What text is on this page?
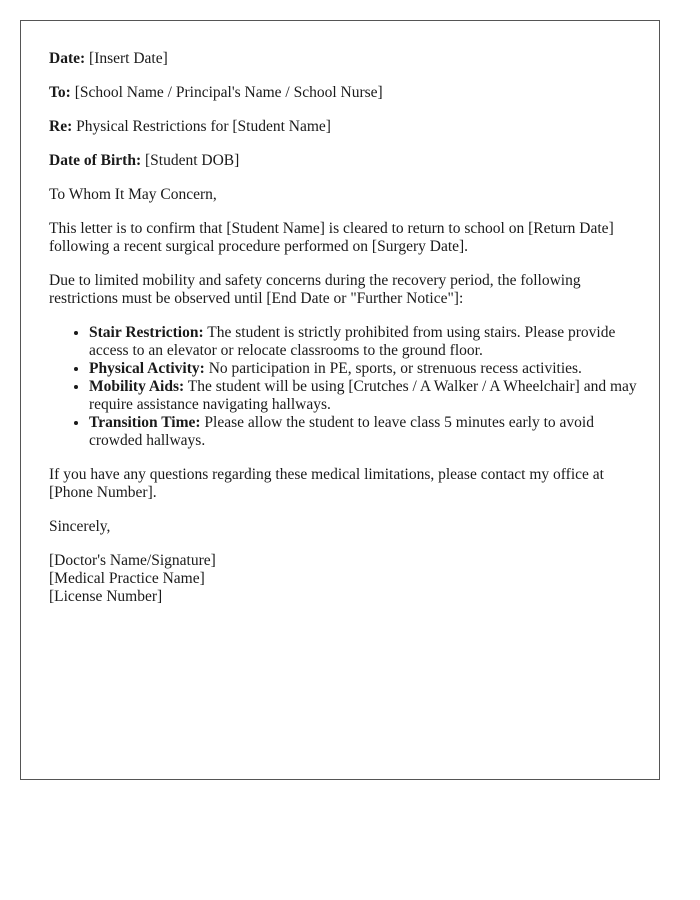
Date: [Insert Date]

To: [School Name / Principal's Name / School Nurse]

Re: Physical Restrictions for [Student Name]

Date of Birth: [Student DOB]

To Whom It May Concern,

This letter is to confirm that [Student Name] is cleared to return to school on [Return Date] following a recent surgical procedure performed on [Surgery Date].

Due to limited mobility and safety concerns during the recovery period, the following restrictions must be observed until [End Date or "Further Notice"]:

• Stair Restriction: The student is strictly prohibited from using stairs. Please provide access to an elevator or relocate classrooms to the ground floor.
• Physical Activity: No participation in PE, sports, or strenuous recess activities.
• Mobility Aids: The student will be using [Crutches / A Walker / A Wheelchair] and may require assistance navigating hallways.
• Transition Time: Please allow the student to leave class 5 minutes early to avoid crowded hallways.

If you have any questions regarding these medical limitations, please contact my office at [Phone Number].

Sincerely,

[Doctor's Name/Signature]
[Medical Practice Name]
[License Number]
